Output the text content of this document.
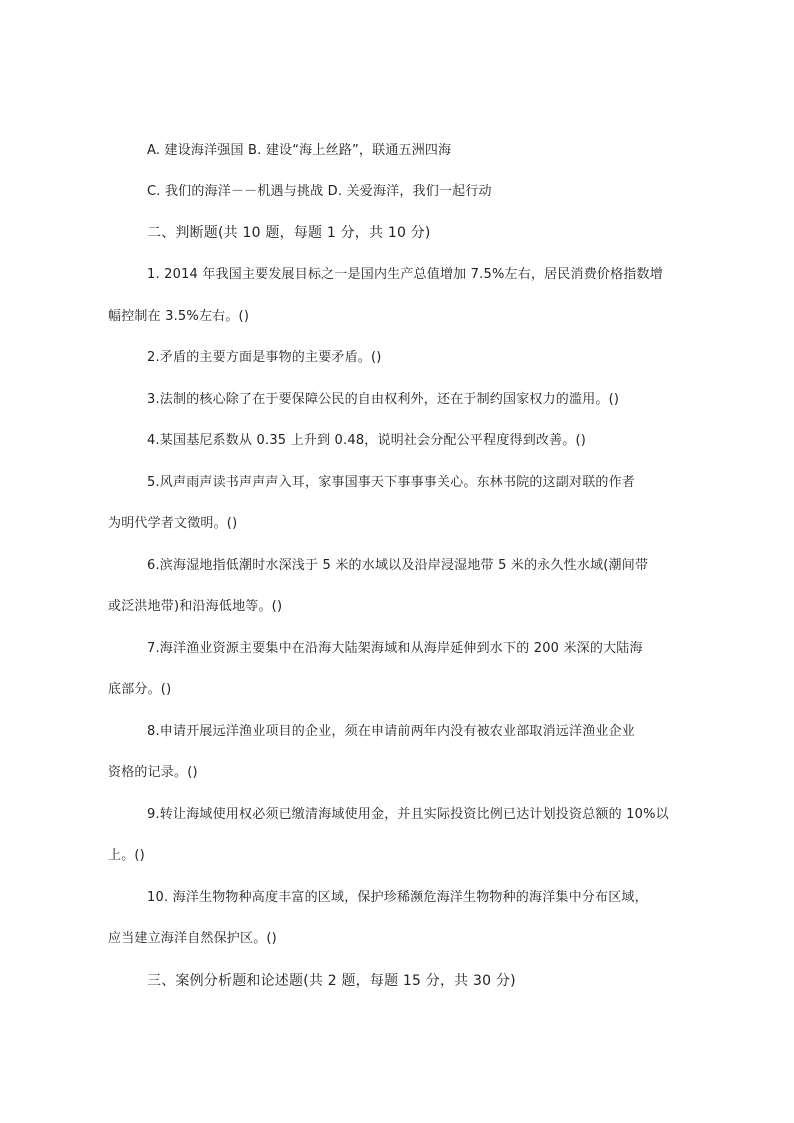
A. 建设海洋强国 B. 建设“海上丝路”，联通五洲四海
C. 我们的海洋－－机遇与挑战 D. 关爱海洋，我们一起行动
二、判断题(共 10 题，每题 1 分，共 10 分)
1. 2014 年我国主要发展目标之一是国内生产总值增加 7.5%左右，居民消费价格指数增
幅控制在 3.5%左右。()
2.矛盾的主要方面是事物的主要矛盾。()
3.法制的核心除了在于要保障公民的自由权利外，还在于制约国家权力的滥用。()
4.某国基尼系数从 0.35 上升到 0.48，说明社会分配公平程度得到改善。()
5.风声雨声读书声声声入耳，家事国事天下事事事关心。东林书院的这副对联的作者
为明代学者文徵明。()
6.滨海湿地指低潮时水深浅于 5 米的水域以及沿岸浸湿地带 5 米的永久性水域(潮间带
或泛洪地带)和沿海低地等。()
7.海洋渔业资源主要集中在沿海大陆架海域和从海岸延伸到水下的 200 米深的大陆海
底部分。()
8.申请开展远洋渔业项目的企业，须在申请前两年内没有被农业部取消远洋渔业企业
资格的记录。()
9.转让海域使用权必须已缴清海域使用金，并且实际投资比例已达计划投资总额的 10%以
上。()
10. 海洋生物物种高度丰富的区域，保护珍稀濒危海洋生物物种的海洋集中分布区域，
应当建立海洋自然保护区。()
三、案例分析题和论述题(共 2 题，每题 15 分，共 30 分)
